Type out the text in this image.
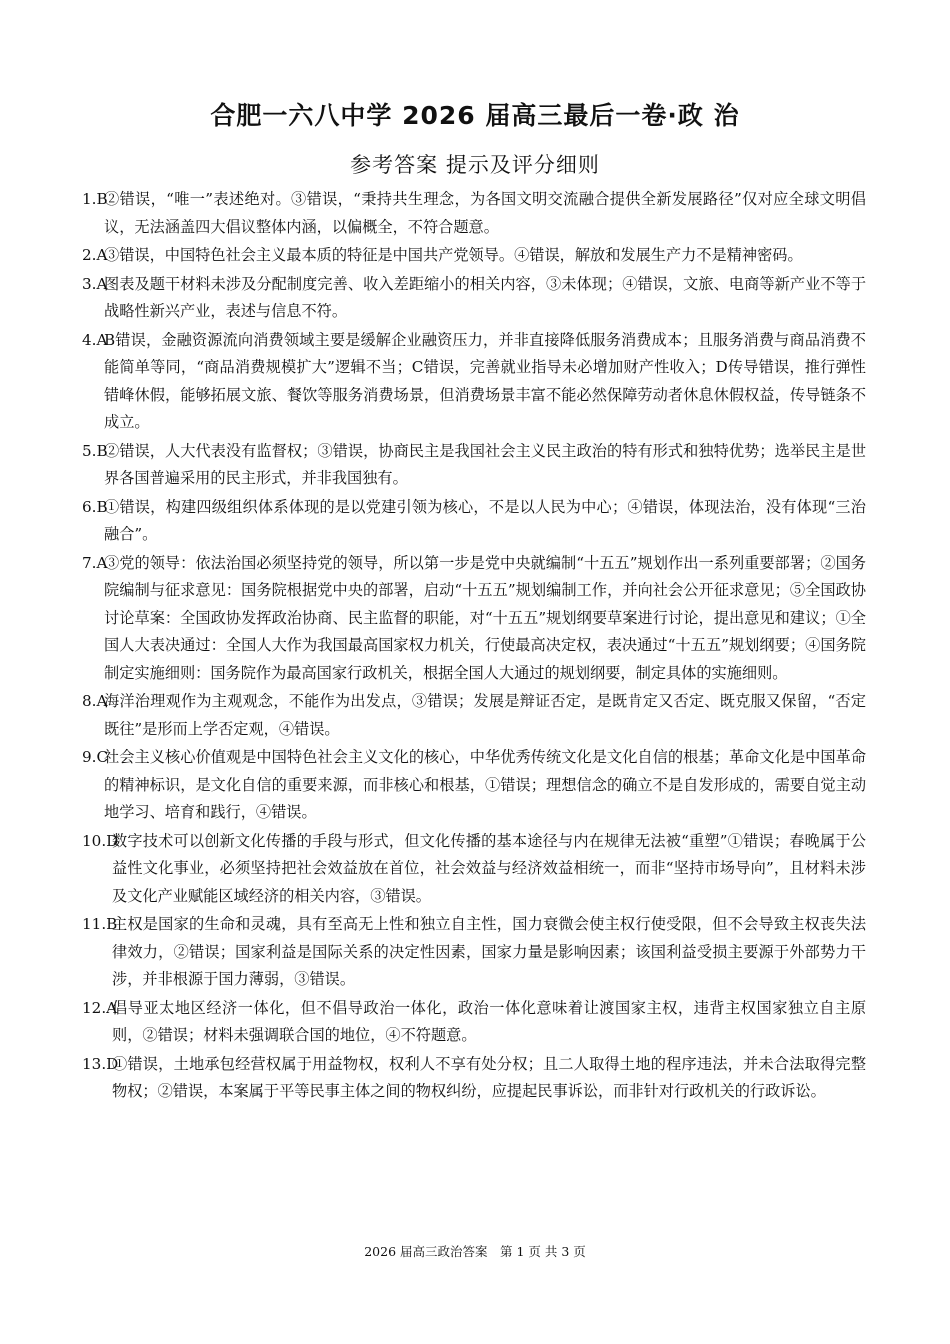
合肥一六八中学 2026 届高三最后一卷·政 治
参考答案 提示及评分细则
1.B
②错误，“唯一”表述绝对。③错误，“秉持共生理念，为各国文明交流融合提供全新发展路径”仅对应全球文明倡议，无法涵盖四大倡议整体内涵，以偏概全，不符合题意。
2.A
③错误，中国特色社会主义最本质的特征是中国共产党领导。④错误，解放和发展生产力不是精神密码。
3.A
图表及题干材料未涉及分配制度完善、收入差距缩小的相关内容，③未体现；④错误，文旅、电商等新产业不等于战略性新兴产业，表述与信息不符。
4.A
B错误，金融资源流向消费领域主要是缓解企业融资压力，并非直接降低服务消费成本；且服务消费与商品消费不能简单等同，“商品消费规模扩大”逻辑不当；C错误，完善就业指导未必增加财产性收入；D传导错误，推行弹性错峰休假，能够拓展文旅、餐饮等服务消费场景，但消费场景丰富不能必然保障劳动者休息休假权益，传导链条不成立。
5.B
②错误，人大代表没有监督权；③错误，协商民主是我国社会主义民主政治的特有形式和独特优势；选举民主是世界各国普遍采用的民主形式，并非我国独有。
6.B
①错误，构建四级组织体系体现的是以党建引领为核心，不是以人民为中心；④错误，体现法治，没有体现“三治融合”。
7.A
③党的领导：依法治国必须坚持党的领导，所以第一步是党中央就编制“十五五”规划作出一系列重要部署；②国务院编制与征求意见：国务院根据党中央的部署，启动“十五五”规划编制工作，并向社会公开征求意见；⑤全国政协讨论草案：全国政协发挥政治协商、民主监督的职能，对“十五五”规划纲要草案进行讨论，提出意见和建议；①全国人大表决通过：全国人大作为我国最高国家权力机关，行使最高决定权，表决通过“十五五”规划纲要；④国务院制定实施细则：国务院作为最高国家行政机关，根据全国人大通过的规划纲要，制定具体的实施细则。
8.A
海洋治理观作为主观观念，不能作为出发点，③错误；发展是辩证否定，是既肯定又否定、既克服又保留，“否定既往”是形而上学否定观，④错误。
9.C
社会主义核心价值观是中国特色社会主义文化的核心，中华优秀传统文化是文化自信的根基；革命文化是中国革命的精神标识，是文化自信的重要来源，而非核心和根基，①错误；理想信念的确立不是自发形成的，需要自觉主动地学习、培育和践行，④错误。
10.D
数字技术可以创新文化传播的手段与形式，但文化传播的基本途径与内在规律无法被“重塑”①错误；春晚属于公益性文化事业，必须坚持把社会效益放在首位，社会效益与经济效益相统一，而非“坚持市场导向”，且材料未涉及文化产业赋能区域经济的相关内容，③错误。
11.B
主权是国家的生命和灵魂，具有至高无上性和独立自主性，国力衰微会使主权行使受限，但不会导致主权丧失法律效力，②错误；国家利益是国际关系的决定性因素，国家力量是影响因素；该国利益受损主要源于外部势力干涉，并非根源于国力薄弱，③错误。
12.A
倡导亚太地区经济一体化，但不倡导政治一体化，政治一体化意味着让渡国家主权，违背主权国家独立自主原则，②错误；材料未强调联合国的地位，④不符题意。
13.D
①错误，土地承包经营权属于用益物权，权利人不享有处分权；且二人取得土地的程序违法，并未合法取得完整物权；②错误，本案属于平等民事主体之间的物权纠纷，应提起民事诉讼，而非针对行政机关的行政诉讼。
2026 届高三政治答案　第 1 页 共 3 页
